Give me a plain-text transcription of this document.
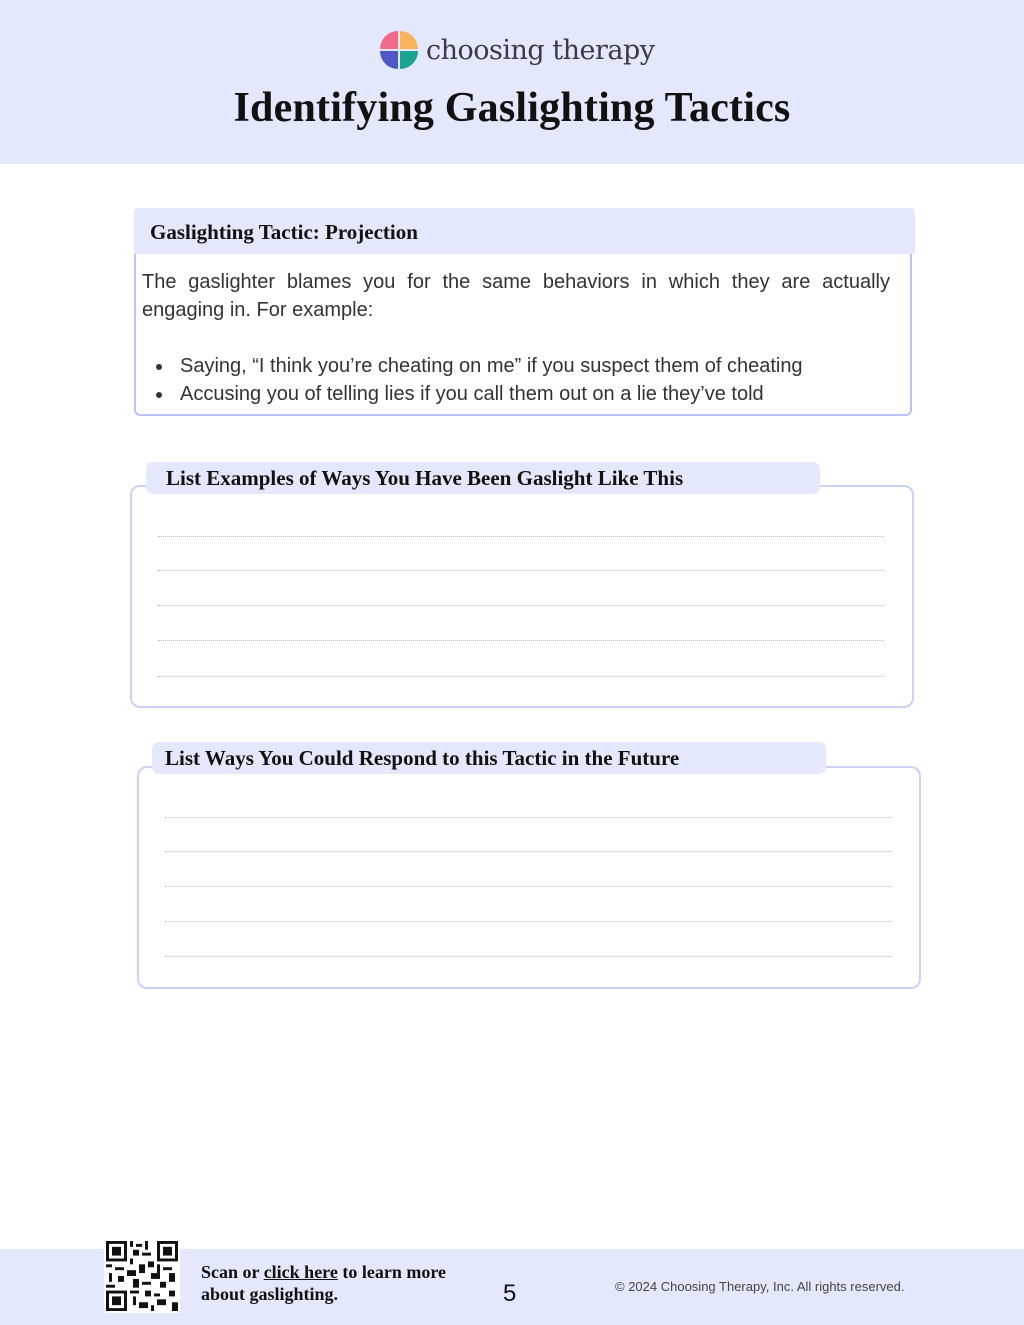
choosing therapy
Identifying Gaslighting Tactics
Gaslighting Tactic: Projection
The gaslighter blames you for the same behaviors in which they are actually engaging in. For example:
Saying, “I think you’re cheating on me” if you suspect them of cheating
Accusing you of telling lies if you call them out on a lie they’ve told
List Examples of Ways You Have Been Gaslight Like This
List Ways You Could Respond to this Tactic in the Future
Scan or click here to learn more about gaslighting.	5	© 2024 Choosing Therapy, Inc. All rights reserved.
